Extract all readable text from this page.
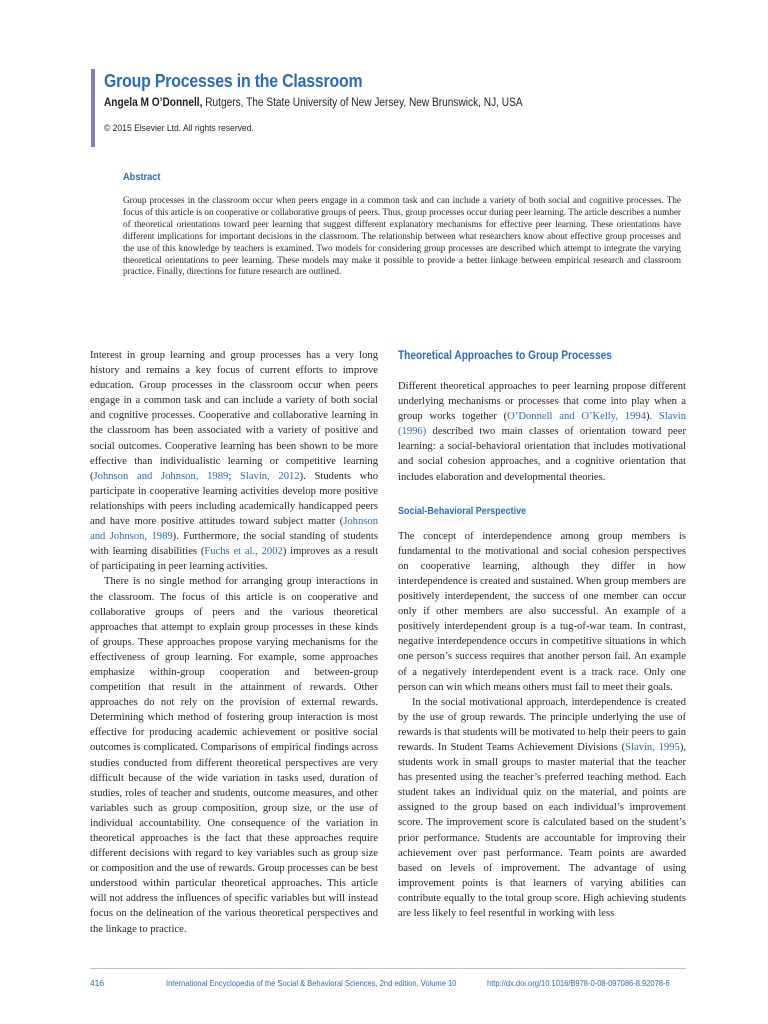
Group Processes in the Classroom
Angela M O’Donnell, Rutgers, The State University of New Jersey, New Brunswick, NJ, USA
© 2015 Elsevier Ltd. All rights reserved.
Abstract
Group processes in the classroom occur when peers engage in a common task and can include a variety of both social and cognitive processes. The focus of this article is on cooperative or collaborative groups of peers. Thus, group processes occur during peer learning. The article describes a number of theoretical orientations toward peer learning that suggest different explanatory mechanisms for effective peer learning. These orientations have different implications for important decisions in the classroom. The relationship between what researchers know about effective group processes and the use of this knowledge by teachers is examined. Two models for considering group processes are described which attempt to integrate the varying theoretical orientations to peer learning. These models may make it possible to provide a better linkage between empirical research and classroom practice. Finally, directions for future research are outlined.

Interest in group learning and group processes has a very long history and remains a key focus of current efforts to improve education. Group processes in the classroom occur when peers engage in a common task and can include a variety of both social and cognitive processes. Cooperative and collaborative learning in the classroom has been associated with a variety of positive and social outcomes. Cooperative learning has been shown to be more effective than individualistic learning or competitive learning (Johnson and Johnson, 1989; Slavin, 2012). Students who participate in cooperative learning activities develop more positive relationships with peers including academically handicapped peers and have more positive attitudes toward subject matter (Johnson and Johnson, 1989). Furthermore, the social standing of students with learning disabilities (Fuchs et al., 2002) improves as a result of participating in peer learning activities.

There is no single method for arranging group interactions in the classroom. The focus of this article is on cooperative and collaborative groups of peers and the various theoretical approaches that attempt to explain group processes in these kinds of groups. These approaches propose varying mechanisms for the effectiveness of group learning. For example, some approaches emphasize within-group cooperation and between-group competition that result in the attainment of rewards. Other approaches do not rely on the provision of external rewards. Determining which method of fostering group interaction is most effective for producing academic achievement or positive social outcomes is complicated. Comparisons of empirical findings across studies conducted from different theoretical perspectives are very difficult because of the wide variation in tasks used, duration of studies, roles of teacher and students, outcome measures, and other variables such as group composition, group size, or the use of individual accountability. One consequence of the variation in theoretical approaches is the fact that these approaches require different decisions with regard to key variables such as group size or composition and the use of rewards. Group processes can be best understood within particular theoretical approaches. This article will not address the influences of specific variables but will instead focus on the delineation of the various theoretical perspectives and the linkage to practice.

Theoretical Approaches to Group Processes

Different theoretical approaches to peer learning propose different underlying mechanisms or processes that come into play when a group works together (O’Donnell and O’Kelly, 1994). Slavin (1996) described two main classes of orientation toward peer learning: a social-behavioral orientation that includes motivational and social cohesion approaches, and a cognitive orientation that includes elaboration and developmental theories.

Social-Behavioral Perspective

The concept of interdependence among group members is fundamental to the motivational and social cohesion perspectives on cooperative learning, although they differ in how interdependence is created and sustained. When group members are positively interdependent, the success of one member can occur only if other members are also successful. An example of a positively interdependent group is a tug-of-war team. In contrast, negative interdependence occurs in competitive situations in which one person’s success requires that another person fail. An example of a negatively interdependent event is a track race. Only one person can win which means others must fail to meet their goals.

In the social motivational approach, interdependence is created by the use of group rewards. The principle underlying the use of rewards is that students will be motivated to help their peers to gain rewards. In Student Teams Achievement Divisions (Slavin, 1995), students work in small groups to master material that the teacher has presented using the teacher’s preferred teaching method. Each student takes an individual quiz on the material, and points are assigned to the group based on each individual’s improvement score. The improvement score is calculated based on the student’s prior performance. Students are accountable for improving their achievement over past performance. Team points are awarded based on levels of improvement. The advantage of using improvement points is that learners of varying abilities can contribute equally to the total group score. High achieving students are less likely to feel resentful in working with less

416	International Encyclopedia of the Social & Behavioral Sciences, 2nd edition, Volume 10	http://dx.doi.org/10.1016/B978-0-08-097086-8.92078-6
